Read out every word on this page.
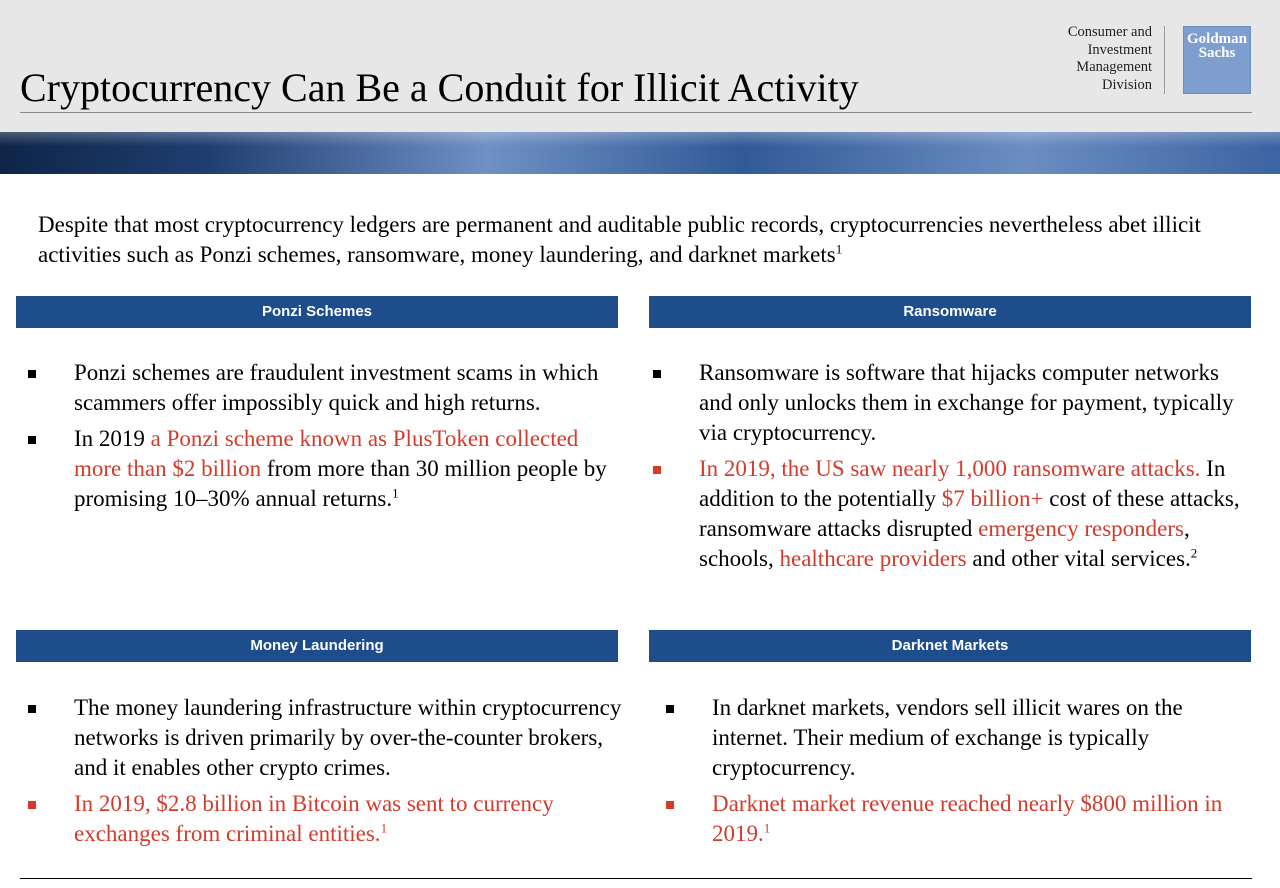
Cryptocurrency Can Be a Conduit for Illicit Activity
Consumer and
Investment
Management
Division
Goldman
Sachs
Despite that most cryptocurrency ledgers are permanent and auditable public records, cryptocurrencies nevertheless abet illicit activities such as Ponzi schemes, ransomware, money laundering, and darknet markets$^1$
Ponzi Schemes
Ponzi schemes are fraudulent investment scams in which scammers offer impossibly quick and high returns.
In 2019 a Ponzi scheme known as PlusToken collected more than $2 billion from more than 30 million people by promising 10–30% annual returns.$^1$
Ransomware
Ransomware is software that hijacks computer networks and only unlocks them in exchange for payment, typically via cryptocurrency.
In 2019, the US saw nearly 1,000 ransomware attacks. In addition to the potentially $7 billion+ cost of these attacks, ransomware attacks disrupted emergency responders, schools, healthcare providers and other vital services.$^2$
Money Laundering
The money laundering infrastructure within cryptocurrency networks is driven primarily by over-the-counter brokers, and it enables other crypto crimes.
In 2019, $2.8 billion in Bitcoin was sent to currency exchanges from criminal entities.$^1$
Darknet Markets
In darknet markets, vendors sell illicit wares on the internet. Their medium of exchange is typically cryptocurrency.
Darknet market revenue reached nearly $800 million in 2019.$^1$
